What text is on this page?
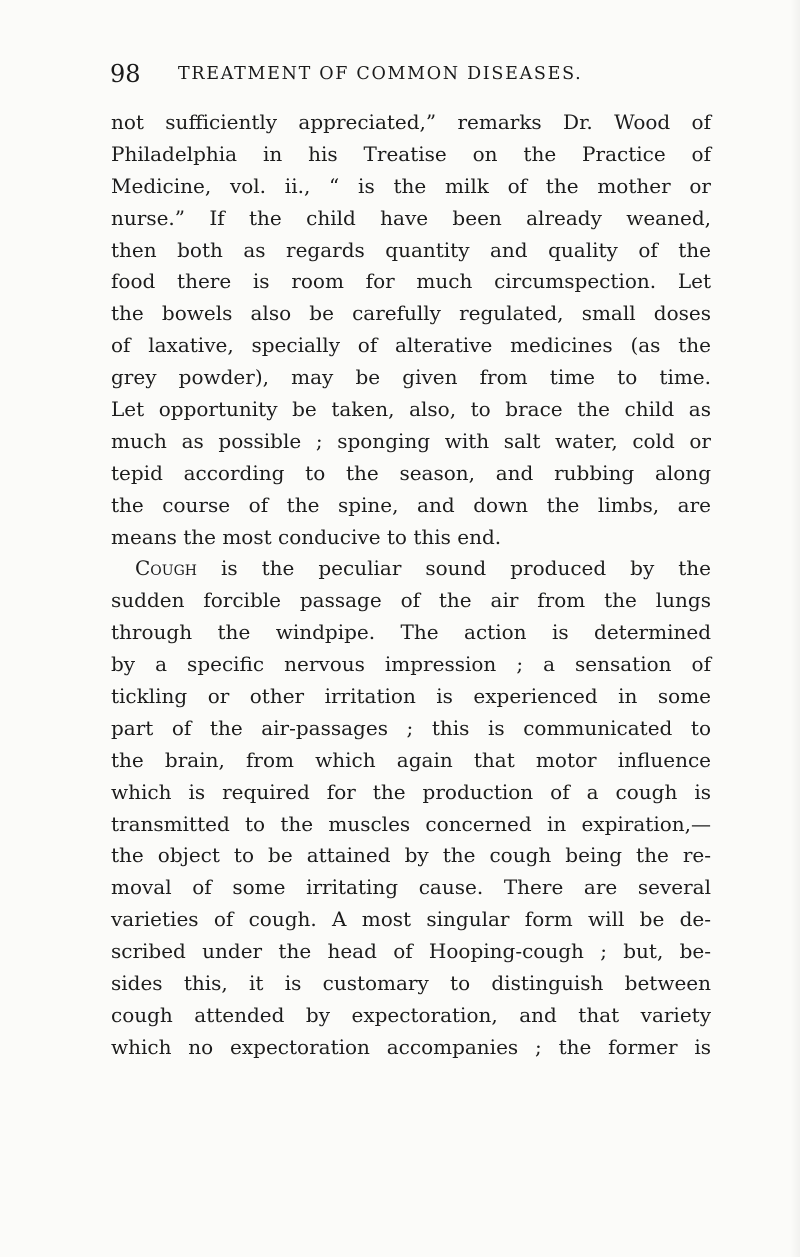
98 TREATMENT OF COMMON DISEASES.
not sufficiently appreciated,” remarks Dr. Wood of
Philadelphia in his Treatise on the Practice of
Medicine, vol. ii., “ is the milk of the mother or
nurse.” If the child have been already weaned,
then both as regards quantity and quality of the
food there is room for much circumspection. Let
the bowels also be carefully regulated, small doses
of laxative, specially of alterative medicines (as the
grey powder), may be given from time to time.
Let opportunity be taken, also, to brace the child as
much as possible ; sponging with salt water, cold or
tepid according to the season, and rubbing along
the course of the spine, and down the limbs, are
means the most conducive to this end.
Cough is the peculiar sound produced by the
sudden forcible passage of the air from the lungs
through the windpipe. The action is determined
by a specific nervous impression ; a sensation of
tickling or other irritation is experienced in some
part of the air-passages ; this is communicated to
the brain, from which again that motor influence
which is required for the production of a cough is
transmitted to the muscles concerned in expiration,—
the object to be attained by the cough being the re-
moval of some irritating cause. There are several
varieties of cough. A most singular form will be de-
scribed under the head of Hooping-cough ; but, be-
sides this, it is customary to distinguish between
cough attended by expectoration, and that variety
which no expectoration accompanies ; the former is
